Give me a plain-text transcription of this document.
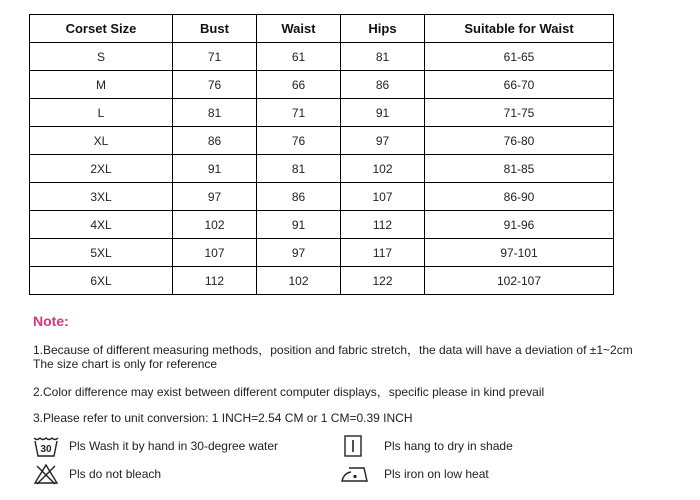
Corset Size	Bust	Waist	Hips	Suitable for Waist
S	71	61	81	61-65
M	76	66	86	66-70
L	81	71	91	71-75
XL	86	76	97	76-80
2XL	91	81	102	81-85
3XL	97	86	107	86-90
4XL	102	91	112	91-96
5XL	107	97	117	97-101
6XL	112	102	122	102-107
Note:
1.Because of different measuring methods，position and fabric stretch，the data will have a deviation of ±1~2cm
The size chart is only for reference
2.Color difference may exist between different computer displays，specific please in kind prevail
3.Please refer to unit conversion: 1 INCH=2.54 CM or 1 CM=0.39 INCH
30 Pls Wash it by hand in 30-degree water
Pls do not bleach
Pls hang to dry in shade
Pls iron on low heat
